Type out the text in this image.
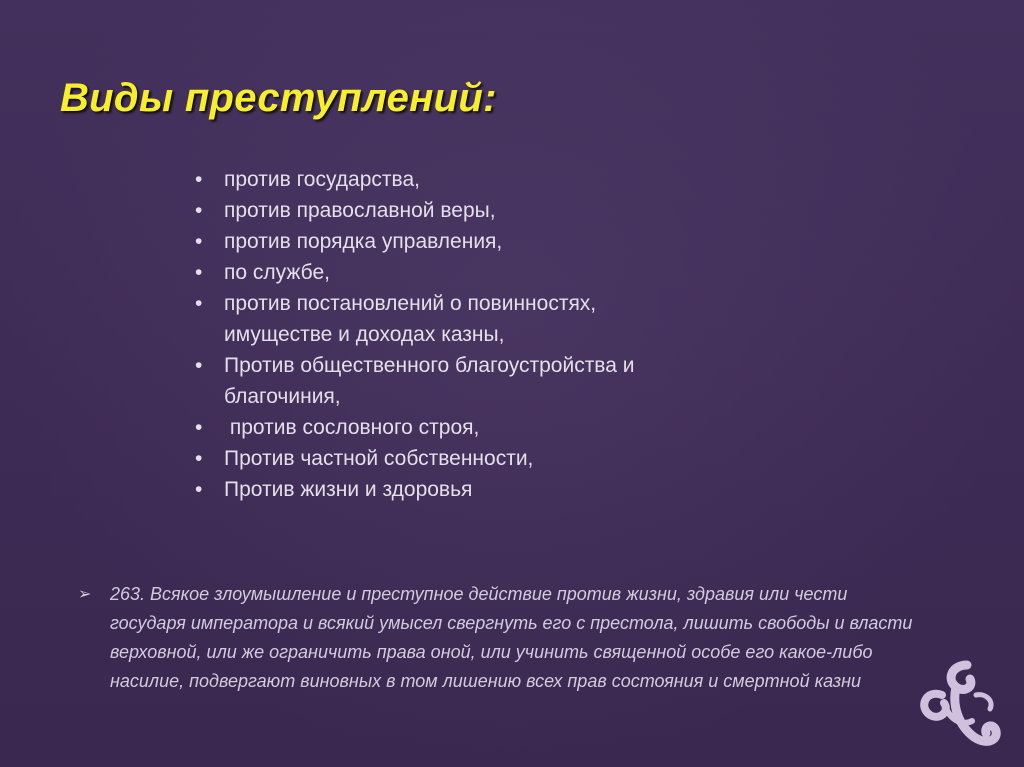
Виды преступлений:
• против государства,
• против православной веры,
• против порядка управления,
• по службе,
• против постановлений о повинностях, имуществе и доходах казны,
• Против общественного благоустройства и благочиния,
• против сословного строя,
• Против частной собственности,
• Против жизни и здоровья
➢	263. Всякое злоумышление и преступное действие против жизни, здравия или чести государя императора и всякий умысел свергнуть его с престола, лишить свободы и власти верховной, или же ограничить права оной, или учинить священной особе его какое-либо насилие, подвергают виновных в том лишению всех прав состояния и смертной казни
